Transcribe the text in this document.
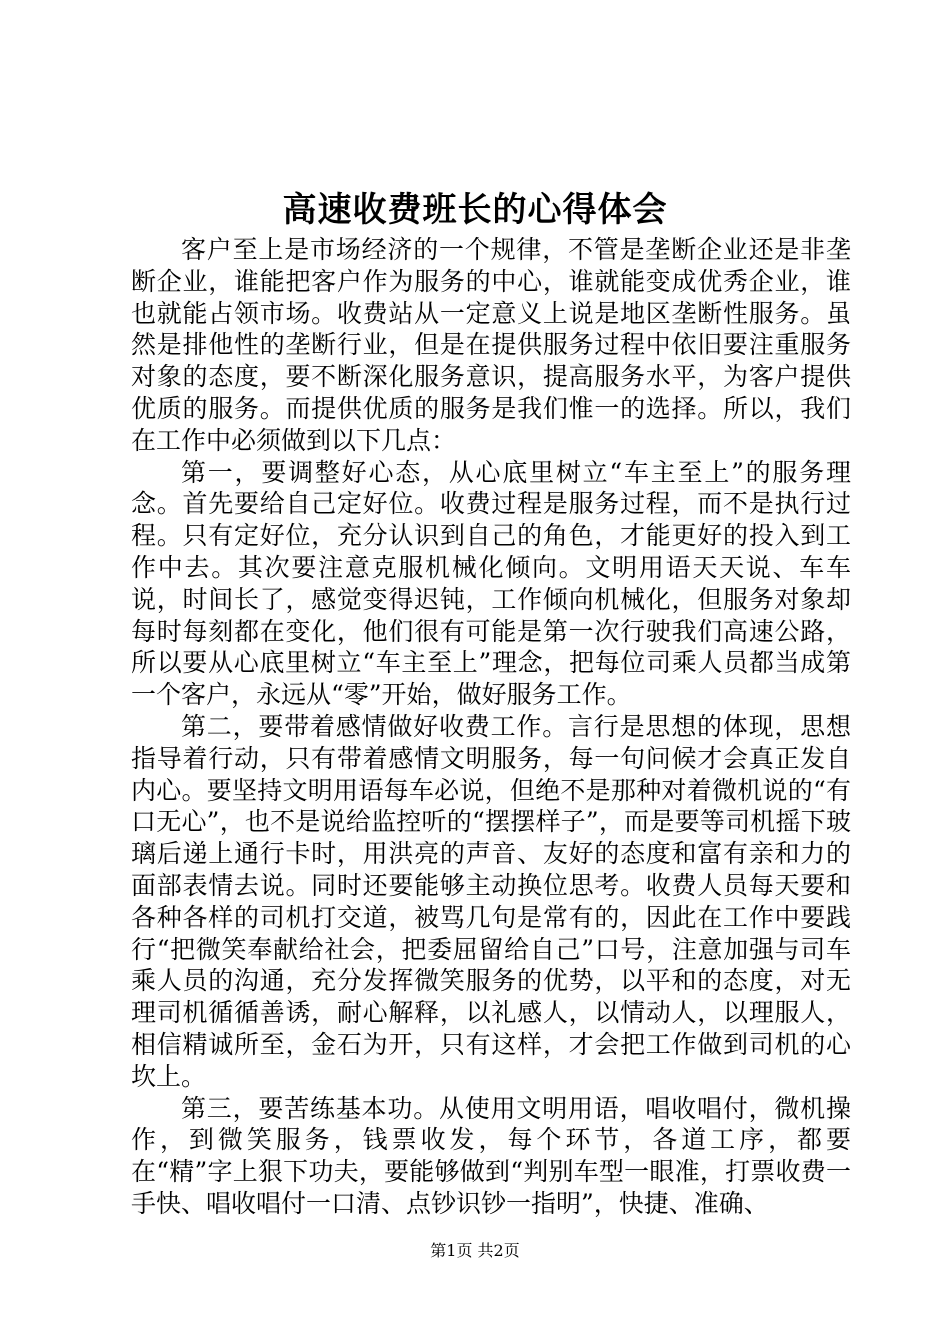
高速收费班长的心得体会

客户至上是市场经济的一个规律，不管是垄断企业还是非垄断企业，谁能把客户作为服务的中心，谁就能变成优秀企业，谁也就能占领市场。收费站从一定意义上说是地区垄断性服务。虽然是排他性的垄断行业，但是在提供服务过程中依旧要注重服务对象的态度，要不断深化服务意识，提高服务水平，为客户提供优质的服务。而提供优质的服务是我们惟一的选择。所以，我们在工作中必须做到以下几点：

第一，要调整好心态，从心底里树立“车主至上”的服务理念。首先要给自己定好位。收费过程是服务过程，而不是执行过程。只有定好位，充分认识到自己的角色，才能更好的投入到工作中去。其次要注意克服机械化倾向。文明用语天天说、车车说，时间长了，感觉变得迟钝，工作倾向机械化，但服务对象却每时每刻都在变化，他们很有可能是第一次行驶我们高速公路，所以要从心底里树立“车主至上”理念，把每位司乘人员都当成第一个客户，永远从“零”开始，做好服务工作。

第二，要带着感情做好收费工作。言行是思想的体现，思想指导着行动，只有带着感情文明服务，每一句问候才会真正发自内心。要坚持文明用语每车必说，但绝不是那种对着微机说的“有口无心”，也不是说给监控听的“摆摆样子”，而是要等司机摇下玻璃后递上通行卡时，用洪亮的声音、友好的态度和富有亲和力的面部表情去说。同时还要能够主动换位思考。收费人员每天要和各种各样的司机打交道，被骂几句是常有的，因此在工作中要践行“把微笑奉献给社会，把委屈留给自己”口号，注意加强与司车乘人员的沟通，充分发挥微笑服务的优势，以平和的态度，对无理司机循循善诱，耐心解释，以礼感人，以情动人，以理服人，相信精诚所至，金石为开，只有这样，才会把工作做到司机的心坎上。

第三，要苦练基本功。从使用文明用语，唱收唱付，微机操作，到微笑服务，钱票收发，每个环节，各道工序，都要在“精”字上狠下功夫，要能够做到“判别车型一眼准，打票收费一手快、唱收唱付一口清、点钞识钞一指明”，快捷、准确、

第1页 共2页
